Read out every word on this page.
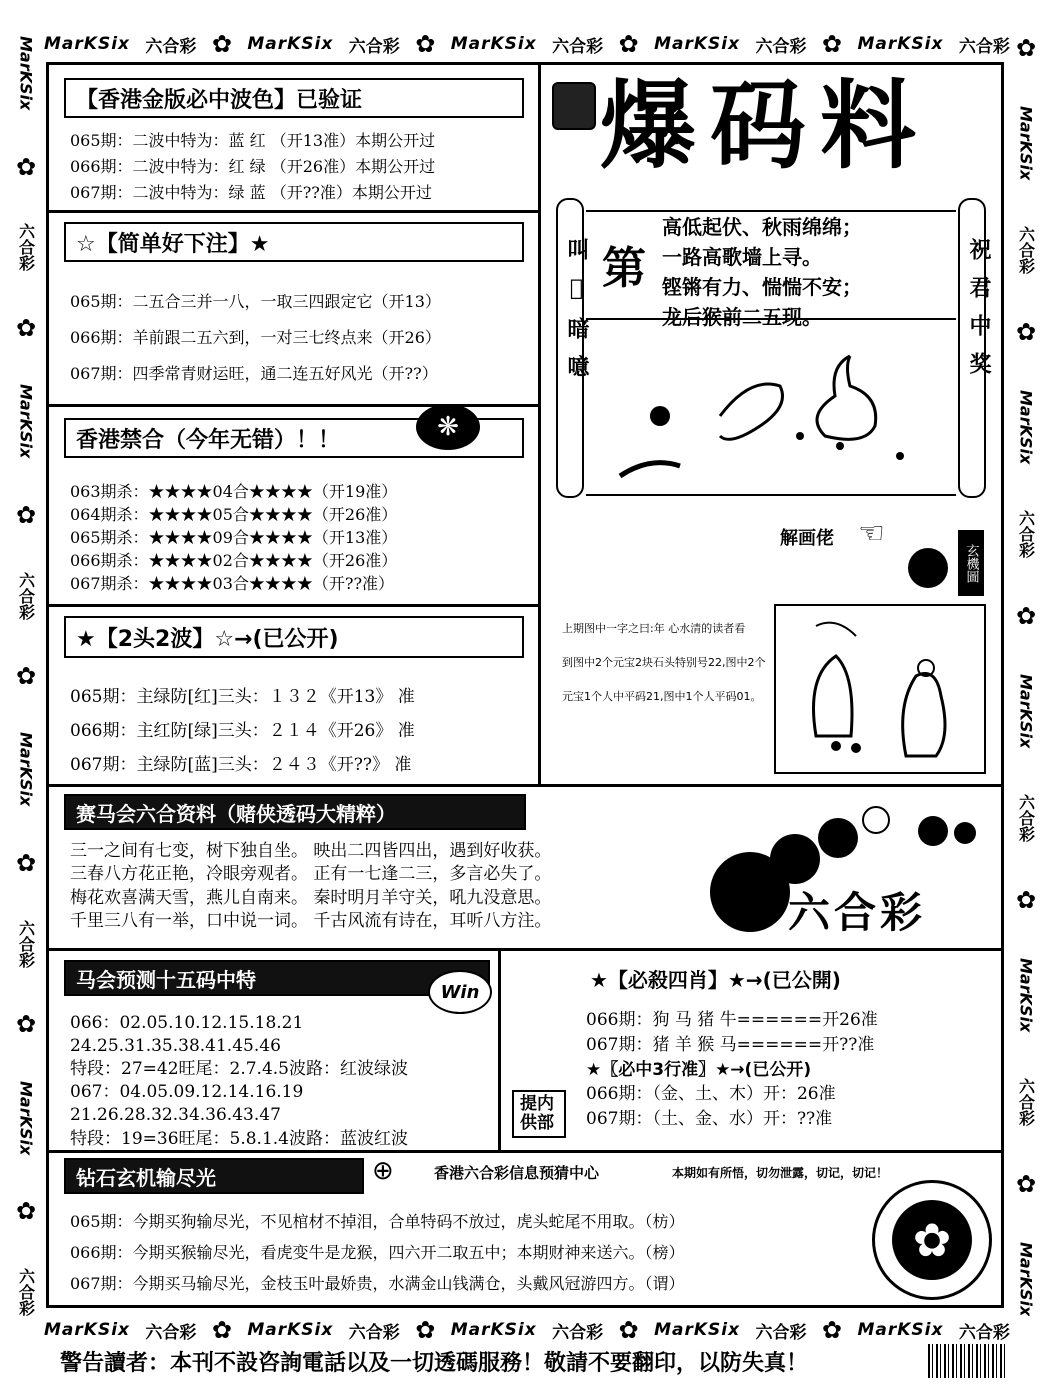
MarKSix 六合彩 ✿ MarKSix 六合彩 ✿ MarKSix 六合彩 ✿ MarKSix 六合彩 ✿ MarKSix 六合彩
MarKSix 六合彩 ✿ MarKSix 六合彩 ✿ MarKSix 六合彩 ✿ MarKSix 六合彩 ✿ MarKSix 六合彩
MarKSix
✿
六合彩
✿
MarKSix
✿
六合彩
✿
MarKSix
✿
六合彩
✿
MarKSix
✿
六合彩
✿
MarKSix
六合彩
✿
MarKSix
六合彩
✿
MarKSix
六合彩
✿
MarKSix
六合彩
✿
MarKSix
【香港金版必中波色】已验证
065期：二波中特为：蓝 红 （开13准）本期公开过
066期：二波中特为：红 绿 （开26准）本期公开过
067期：二波中特为：绿 蓝 （开??准）本期公开过
☆【简单好下注】★
065期：二五合三并一八，一取三四跟定它（开13）
066期：羊前跟二五六到，一对三七终点来（开26）
067期：四季常青财运旺，通二连五好风光（开??）
香港禁合（今年无错）！！	❋
063期杀：★★★★04合★★★★（开19准）
064期杀：★★★★05合★★★★（开26准）
065期杀：★★★★09合★★★★（开13准）
066期杀：★★★★02合★★★★（开26准）
067期杀：★★★★03合★★★★（开??准）
★【2头2波】☆→(已公开)
065期：主绿防[红]三头：１３２《开13》 准
066期：主红防[绿]三头：２１４《开26》 准
067期：主绿防[蓝]三头：２４３《开??》 准
爆码料
叫𫛛暗噫	祝君中奖
第
高低起伏、秋雨绵绵；
一路高歌墙上寻。
铿锵有力、惴惴不安；
龙后猴前二五现。
解画佬 ☜
玄機圖
上期图中一字之曰:年 心水清的读者看
到图中2个元宝2块石头特别号22,图中2个
元宝1个人中平码21,图中1个人平码01。
赛马会六合资料（赌侠透码大精粹）
三一之间有七变，树下独自坐。 映出二四皆四出，遇到好收获。
三春八方花正艳，冷眼旁观者。 正有一七逢二三，多言必失了。
梅花欢喜满天雪，燕儿自南来。 秦时明月羊守关，吼九没意思。
千里三八有一举，口中说一词。 千古风流有诗在，耳听八方注。	六合彩
马会预测十五码中特
Win
066：02.05.10.12.15.18.21
24.25.31.35.38.41.45.46
特段：27=42旺尾：2.7.4.5波路：红波绿波
067：04.05.09.12.14.16.19
21.26.28.32.34.36.43.47
特段：19=36旺尾：5.8.1.4波路：蓝波红波
★【必殺四肖】★→(已公開)
066期：狗 马 猪 牛======开26准
067期：猪 羊 猴 马======开??准
★〖必中3行准〗★→(已公开)
066期：（金、土、木）开：26准
067期：（土、金、水）开：??准
提内供部
钻石玄机输尽光	⊕	香港六合彩信息预猜中心	本期如有所悟，切勿泄露，切记，切记！
065期：今期买狗输尽光，不见棺材不掉泪，合单特码不放过，虎头蛇尾不用取。（枋）
066期：今期买猴输尽光，看虎变牛是龙猴，四六开二取五中；本期财神来送六。（榜）
067期：今期买马输尽光，金枝玉叶最娇贵，水满金山钱满仓，头戴风冠游四方。（谓）
✿
警告讀者：本刊不設咨詢電話以及一切透碼服務！敬請不要翻印，以防失真！
